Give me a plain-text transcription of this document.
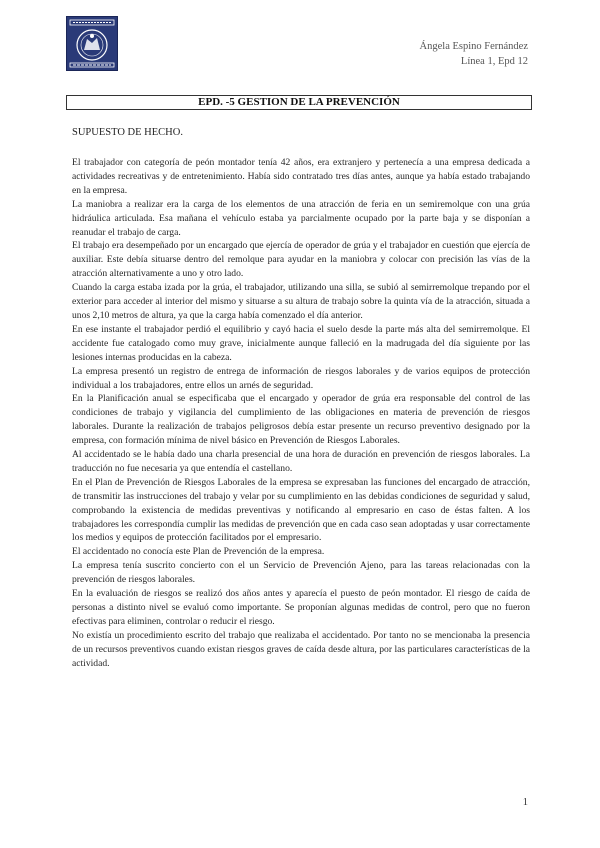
Ángela Espino Fernández
Línea 1, Epd 12
EPD. -5 GESTION DE LA PREVENCIÓN
SUPUESTO DE HECHO.

El trabajador con categoría de peón montador tenía 42 años, era extranjero y pertenecía a una empresa dedicada a actividades recreativas y de entretenimiento. Había sido contratado tres días antes, aunque ya había estado trabajando en la empresa.

La maniobra a realizar era la carga de los elementos de una atracción de feria en un semiremolque con una grúa hidráulica articulada. Esa mañana el vehículo estaba ya parcialmente ocupado por la parte baja y se disponían a reanudar el trabajo de carga.

El trabajo era desempeñado por un encargado que ejercía de operador de grúa y el trabajador en cuestión que ejercía de auxiliar. Este debía situarse dentro del remolque para ayudar en la maniobra y colocar con precisión las vías de la atracción alternativamente a uno y otro lado.

Cuando la carga estaba izada por la grúa, el trabajador, utilizando una silla, se subió al semirremolque trepando por el exterior para acceder al interior del mismo y situarse a su altura de trabajo sobre la quinta vía de la atracción, situada a unos 2,10 metros de altura, ya que la carga había comenzado el día anterior.

En ese instante el trabajador perdió el equilibrio y cayó hacia el suelo desde la parte más alta del semirremolque. El accidente fue catalogado como muy grave, inicialmente aunque falleció en la madrugada del día siguiente por las lesiones internas producidas en la cabeza.

La empresa presentó un registro de entrega de información de riesgos laborales y de varios equipos de protección individual a los trabajadores, entre ellos un arnés de seguridad.

En la Planificación anual se especificaba que el encargado y operador de grúa era responsable del control de las condiciones de trabajo y vigilancia del cumplimiento de las obligaciones en materia de prevención de riesgos laborales. Durante la realización de trabajos peligrosos debía estar presente un recurso preventivo designado por la empresa, con formación mínima de nivel básico en Prevención de Riesgos Laborales.

Al accidentado se le había dado una charla presencial de una hora de duración en prevención de riesgos laborales. La traducción no fue necesaria ya que entendía el castellano.

En el Plan de Prevención de Riesgos Laborales de la empresa se expresaban las funciones del encargado de atracción, de transmitir las instrucciones del trabajo y velar por su cumplimiento en las debidas condiciones de seguridad y salud, comprobando la existencia de medidas preventivas y notificando al empresario en caso de éstas falten. A los trabajadores les correspondía cumplir las medidas de prevención que en cada caso sean adoptadas y usar correctamente los medios y equipos de protección facilitados por el empresario.

El accidentado no conocía este Plan de Prevención de la empresa.

La empresa tenía suscrito concierto con el un Servicio de Prevención Ajeno, para las tareas relacionadas con la prevención de riesgos laborales.

En la evaluación de riesgos se realizó dos años antes y aparecía el puesto de peón montador. El riesgo de caída de personas a distinto nivel se evaluó como importante. Se proponían algunas medidas de control, pero que no fueron efectivas para eliminen, controlar o reducir el riesgo.

No existía un procedimiento escrito del trabajo que realizaba el accidentado. Por tanto no se mencionaba la presencia de un recursos preventivos cuando existan riesgos graves de caída desde altura, por las particulares características de la actividad.

1
